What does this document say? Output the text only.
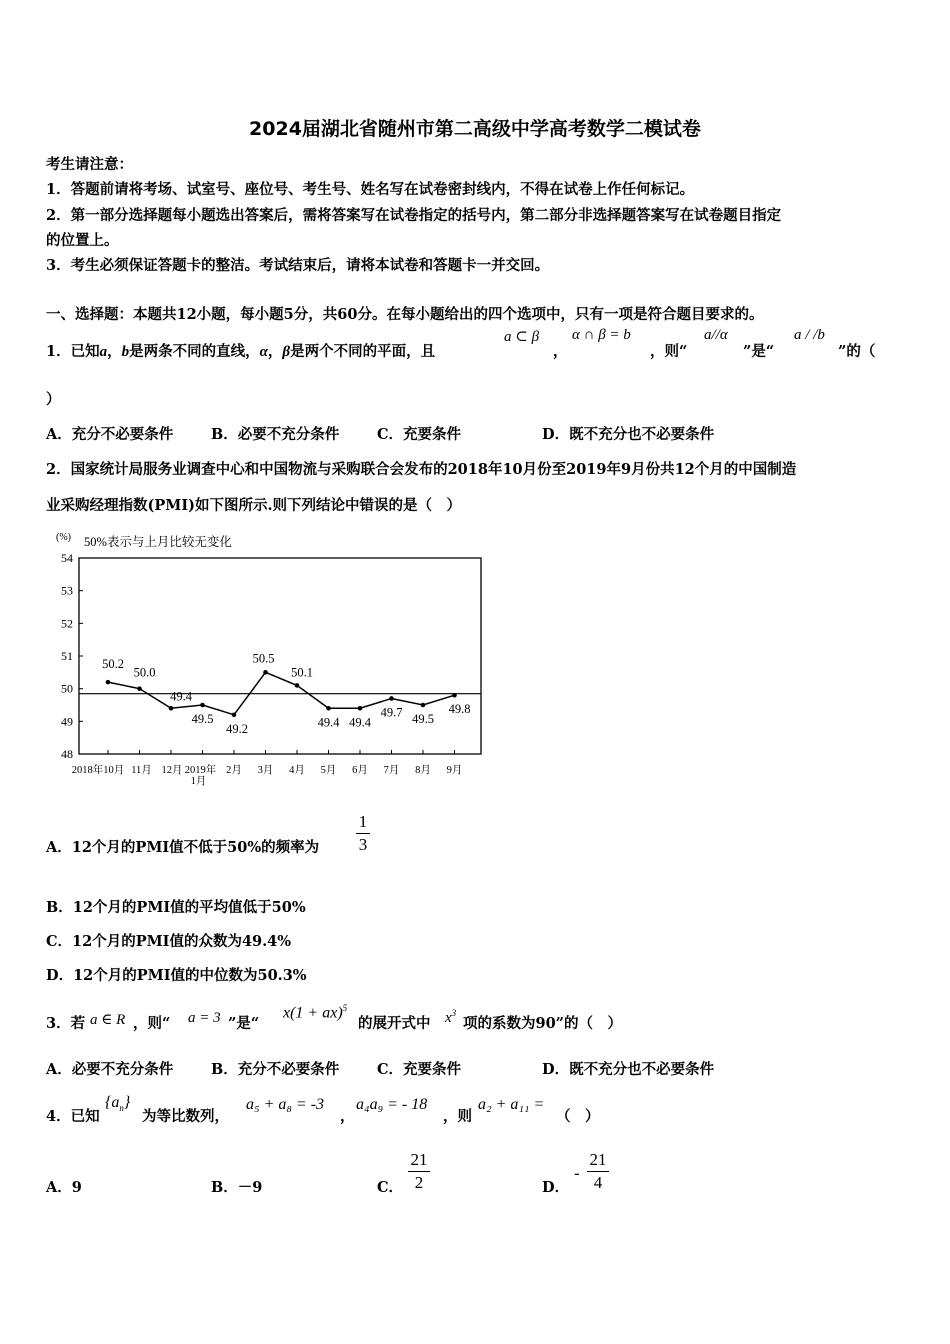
2024届湖北省随州市第二高级中学高考数学二模试卷
考生请注意：
1．答题前请将考场、试室号、座位号、考生号、姓名写在试卷密封线内，不得在试卷上作任何标记。
2．第一部分选择题每小题选出答案后，需将答案写在试卷指定的括号内，第二部分非选择题答案写在试卷题目指定
的位置上。
3．考生必须保证答题卡的整洁。考试结束后，请将本试卷和答题卡一并交回。
一、选择题：本题共12小题，每小题5分，共60分。在每小题给出的四个选项中，只有一项是符合题目要求的。
1．已知a，b是两条不同的直线，α，β是两个不同的平面，且
a ⊂ β
，
α ∩ β = b
，则“
a//α
”是“
a / /b
”的（
）
A．充分不必要条件	B．必要不充分条件	C．充要条件	D．既不充分也不必要条件
2．国家统计局服务业调查中心和中国物流与采购联合会发布的2018年10月份至2019年9月份共12个月的中国制造
业采购经理指数(PMI)如下图所示.则下列结论中错误的是（　）
(%) 50%表示与上月比较无变化
54
53
52
51
50
49
48
2018年10月 11月 12月 2019年
1月
2月 3月 4月 5月 6月 7月 8月 9月
50.2
50.0
49.4
49.5
49.2
50.5
50.1
49.4 49.4
49.7 49.5
49.8
A．12个月的PMI值不低于50%的频率为
1
3
B．12个月的PMI值的平均值低于50%
C．12个月的PMI值的众数为49.4%
D．12个月的PMI值的中位数为50.3%
3．若 a ∈ R ，则“ a = 3 ”是“
x(1 + ax)$^5$
的展开式中 $x^3$
项的系数为90”的（　）
A．必要不充分条件	B．充分不必要条件	C．充要条件	D．既不充分也不必要条件
4．已知
$\{a_n\}$
为等比数列，
a₅ + a₈ = -3
，
a₄a₉ = - 18
，则
a₂ + a₁₁ =
（　）
A．9	B．－9	C．
21
2	D．
-
21
4
